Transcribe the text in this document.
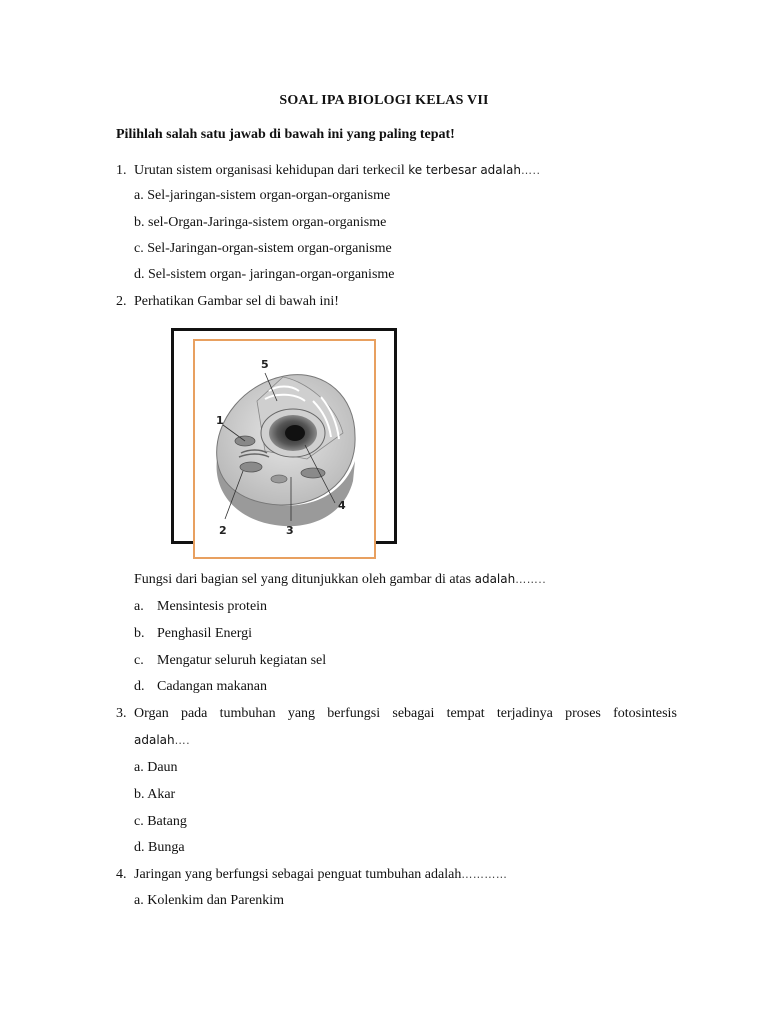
SOAL IPA BIOLOGI KELAS VII
Pilihlah salah satu jawab di bawah ini yang paling tepat!
1. Urutan sistem organisasi kehidupan dari terkecil ke terbesar adalah…..
a. Sel-jaringan-sistem organ-organ-organisme
b. sel-Organ-Jaringa-sistem organ-organisme
c. Sel-Jaringan-organ-sistem organ-organisme
d. Sel-sistem organ- jaringan-organ-organisme
2. Perhatikan Gambar sel di bawah ini!
5
1
4
2	3
Fungsi dari bagian sel yang ditunjukkan oleh gambar di atas adalah……..
a. Mensintesis protein
b. Penghasil Energi
c. Mengatur seluruh kegiatan sel
d. Cadangan makanan
3. Organ pada tumbuhan yang berfungsi sebagai tempat terjadinya proses fotosintesis
adalah….
a. Daun
b. Akar
c. Batang
d. Bunga
4. Jaringan yang berfungsi sebagai penguat tumbuhan adalah…………
a. Kolenkim dan Parenkim
